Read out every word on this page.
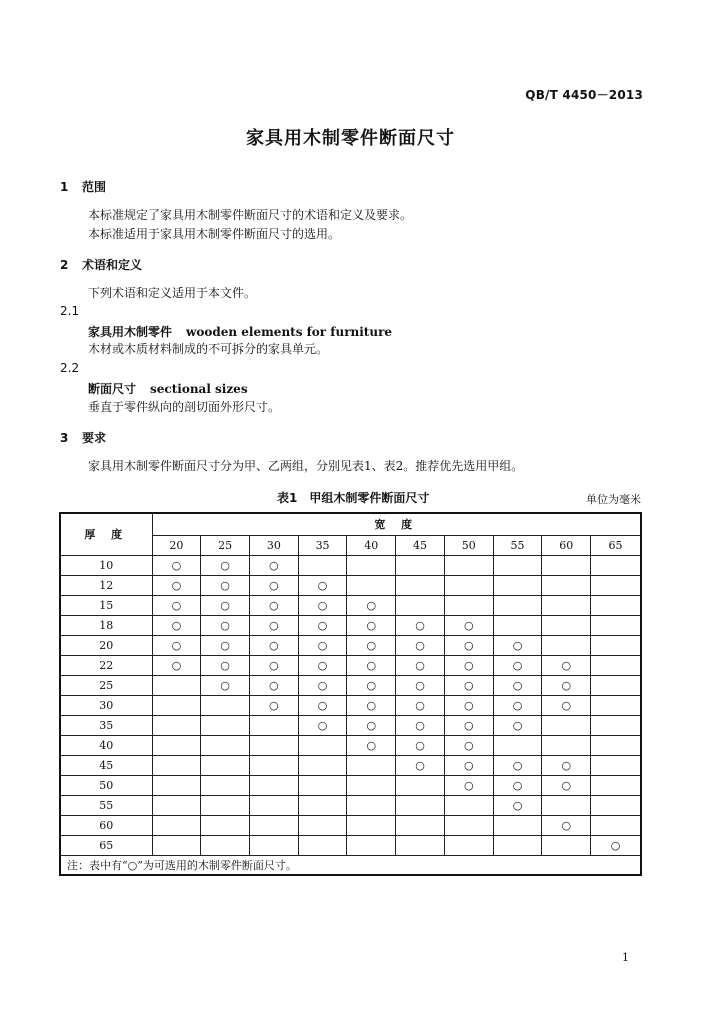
QB/T 4450－2013
家具用木制零件断面尺寸
1 范围

本标准规定了家具用木制零件断面尺寸的术语和定义及要求。

本标准适用于家具用木制零件断面尺寸的选用。

2 术语和定义

下列术语和定义适用于本文件。

2.1
家具用木制零件 wooden elements for furniture

木材或木质材料制成的不可拆分的家具单元。

2.2
断面尺寸 sectional sizes

垂直于零件纵向的剖切面外形尺寸。

3 要求

家具用木制零件断面尺寸分为甲、乙两组，分别见表1、表2。推荐优先选用甲组。

表1 甲组木制零件断面尺寸	单位为毫米
厚 度	宽 度									
	20	25	30	35	40	45	50	55	60	65
10	○	○	○							
12	○	○	○	○						
15	○	○	○	○	○					
18	○	○	○	○	○	○	○			
20	○	○	○	○	○	○	○	○		
22	○	○	○	○	○	○	○	○	○	
25		○	○	○	○	○	○	○	○	
30			○	○	○	○	○	○	○	
35				○	○	○	○	○		
40					○	○	○			
45						○	○	○	○	
50							○	○	○	
55								○		
60									○	
65										○
注：表中有“○”为可选用的木制零件断面尺寸。										
1
